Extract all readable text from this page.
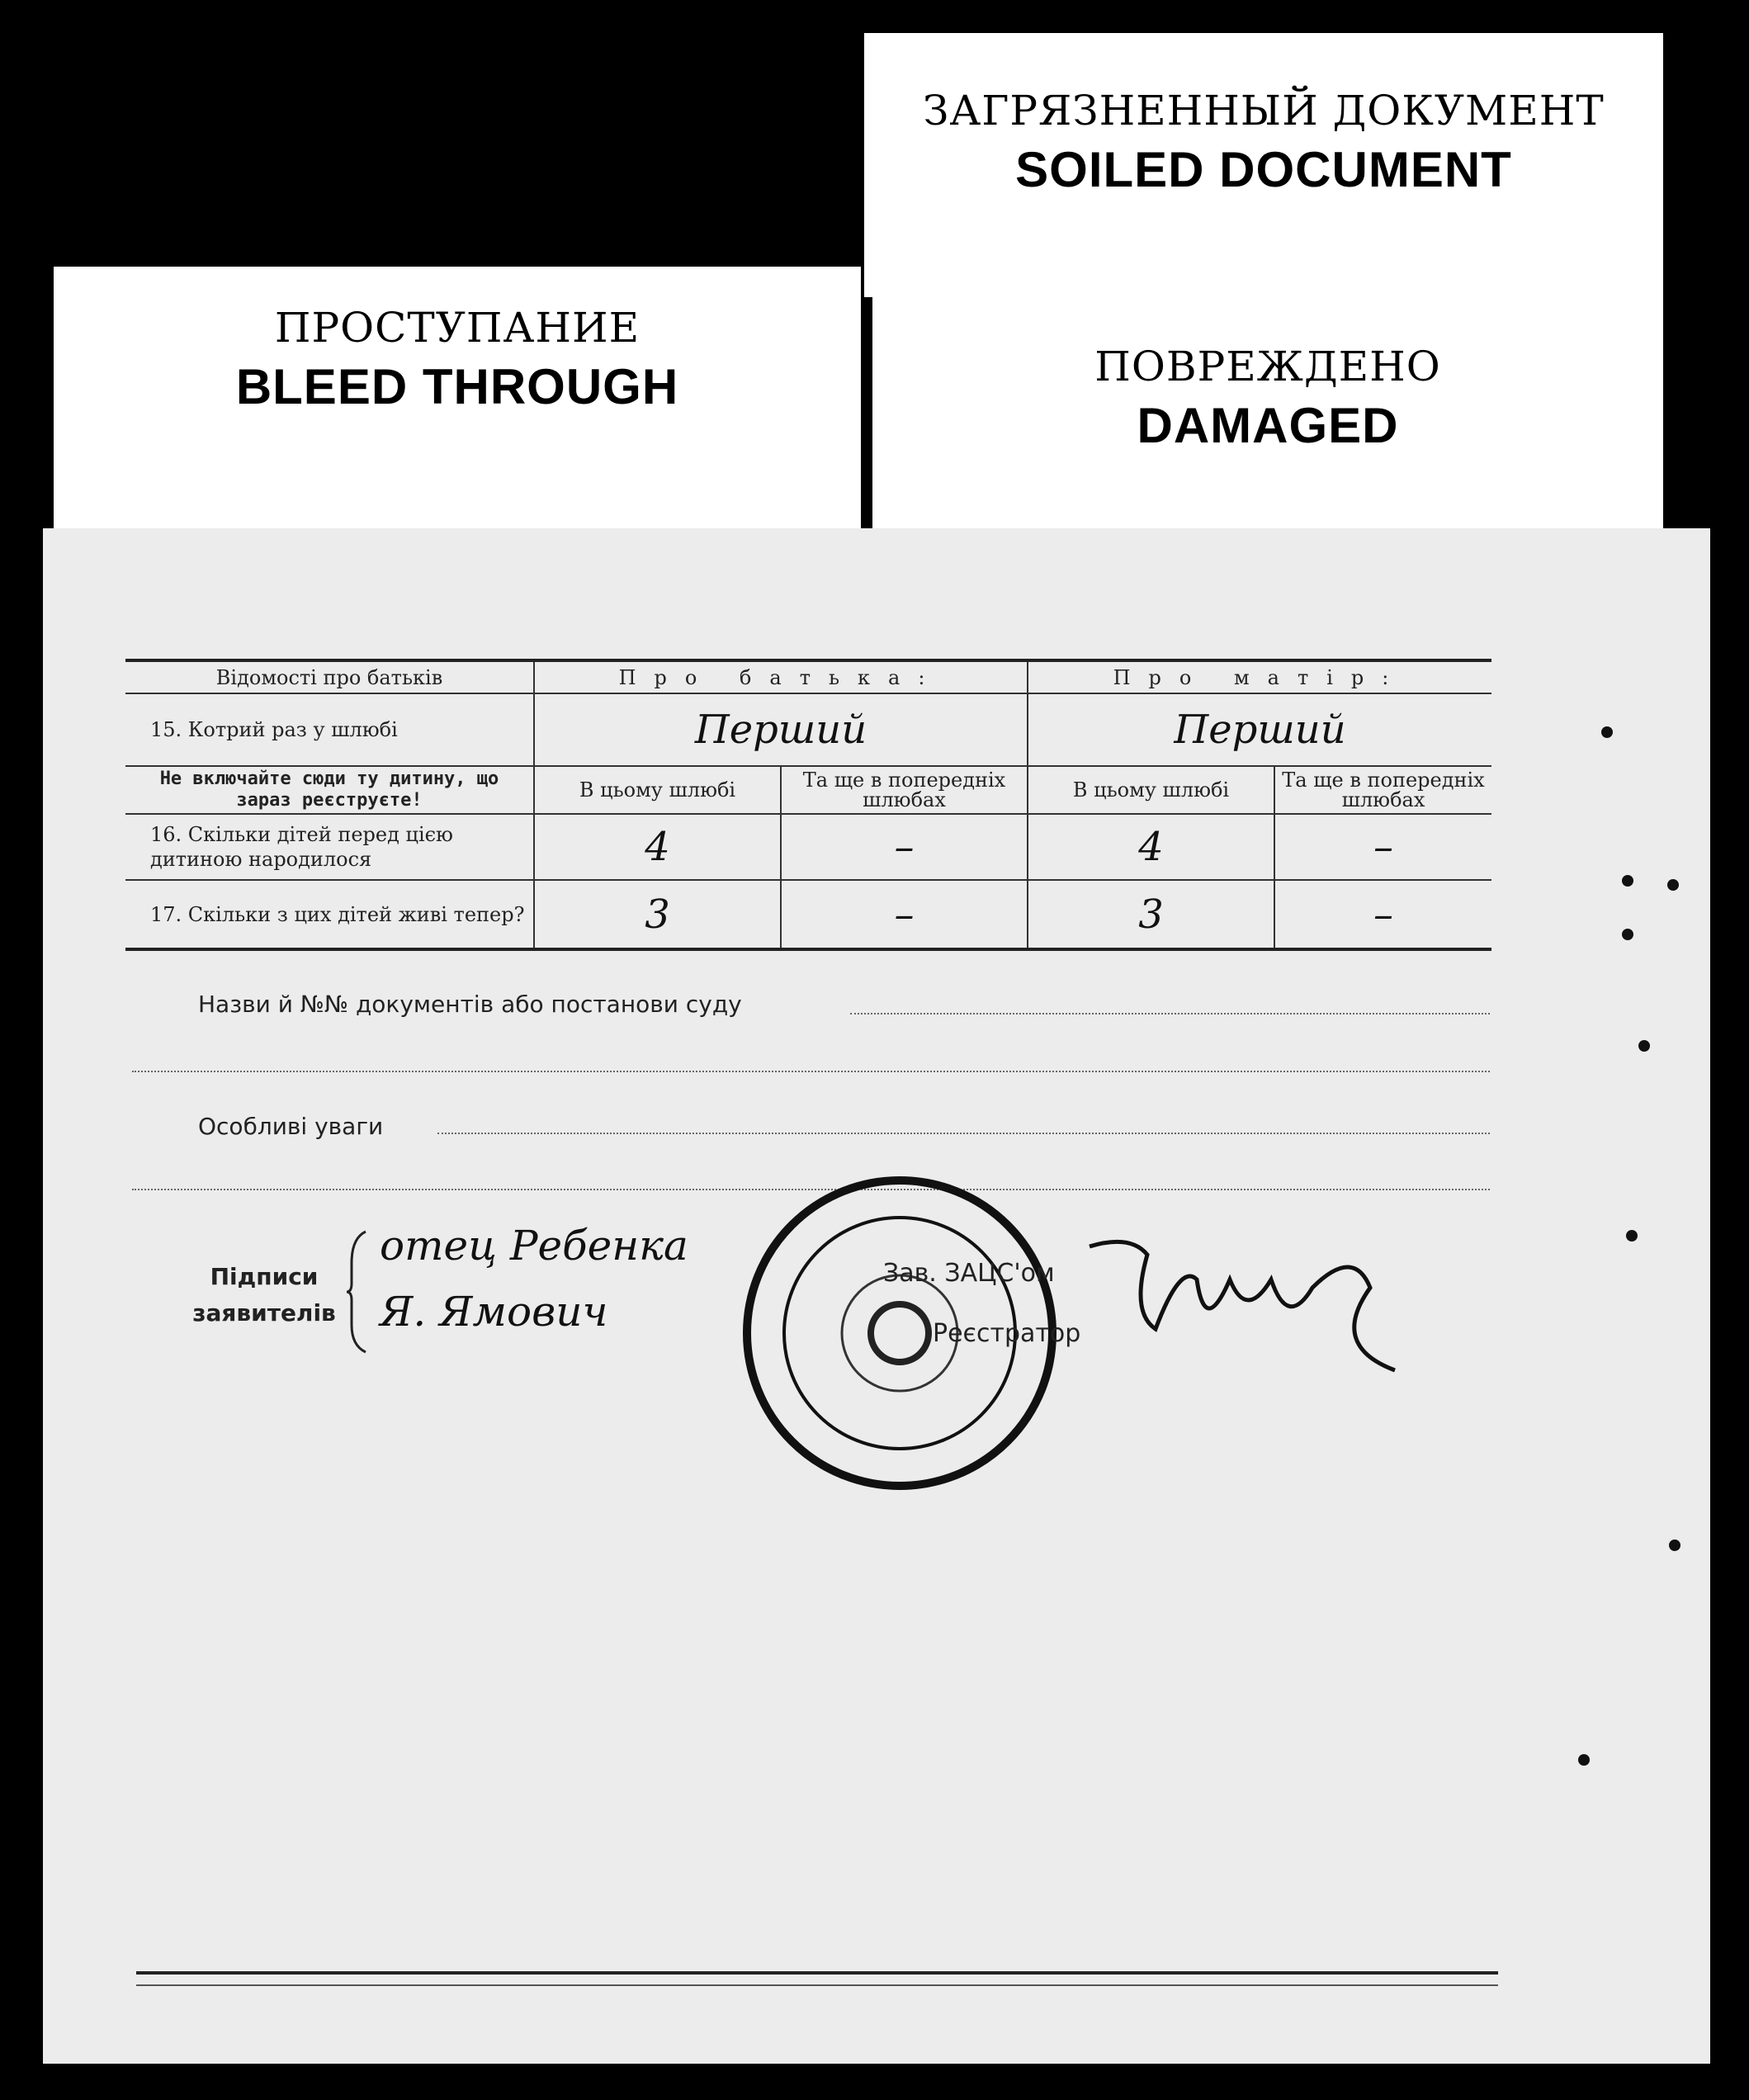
ЗАГРЯЗНЕННЫЙ ДОКУМЕНТ
SOILED DOCUMENT
ПРОСТУПАНИЕ
BLEED THROUGH	ПОВРЕЖДЕНО
DAMAGED
Відомості про батьків	Про батька:		Про матір:	
15. Котрий раз у шлюбі	Перший		Перший	
Не включайте сюди ту дитину, що зараз реєструєте!	В цьому шлюбі	Та ще в попередніх шлюбах	В цьому шлюбі	Та ще в попередніх шлюбах
16. Скільки дітей перед цією дитиною народилося	4	–	4	–
17. Скільки з цих дітей живі тепер?	3	–	3	–
Назви й №№ документів або постанови суду
Особливі уваги
Підписи заявителів
отец Ребенка
Я. Ямович
Зав. ЗАЦС'ом
Реєстратор
